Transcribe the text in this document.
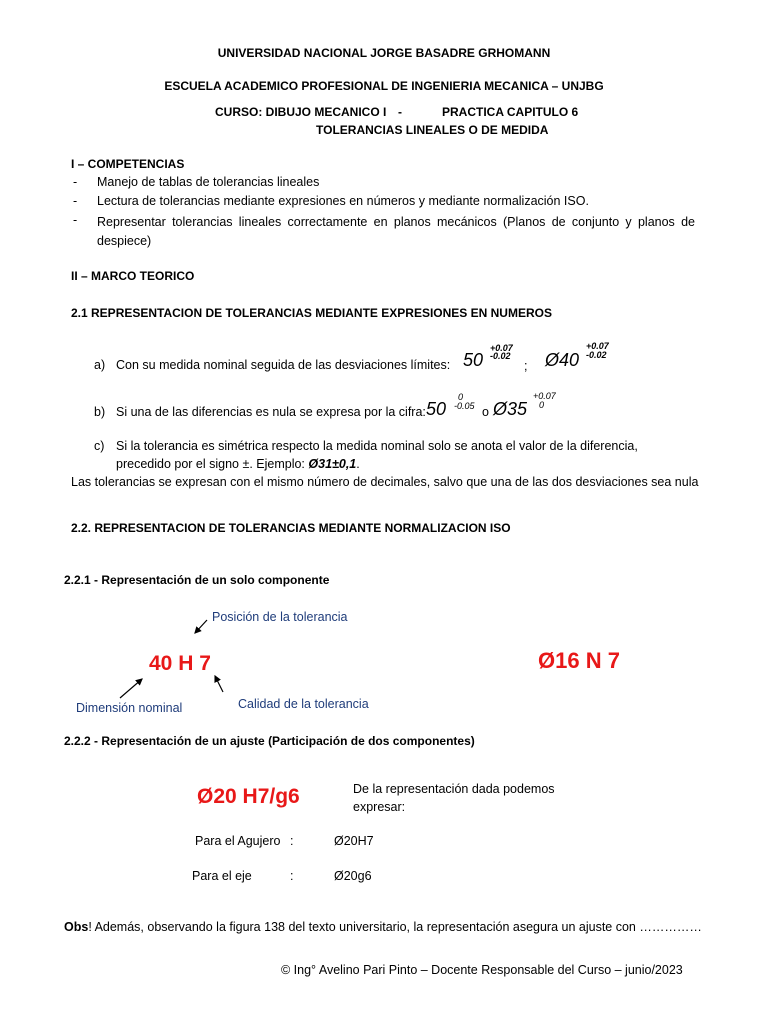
UNIVERSIDAD NACIONAL JORGE BASADRE GRHOMANN
ESCUELA ACADEMICO PROFESIONAL DE INGENIERIA MECANICA – UNJBG
CURSO: DIBUJO MECANICO I -	PRACTICA CAPITULO 6
TOLERANCIAS LINEALES O DE MEDIDA
I – COMPETENCIAS
- Manejo de tablas de tolerancias lineales
- Lectura de tolerancias mediante expresiones en números y mediante normalización ISO.
- Representar tolerancias lineales correctamente en planos mecánicos (Planos de conjunto y planos de despiece)
II – MARCO TEORICO
2.1 REPRESENTACION DE TOLERANCIAS MEDIANTE EXPRESIONES EN NUMEROS
a) Con su medida nominal seguida de las desviaciones límites: 50
+0.07
-0.02
; Ø40
+0.07
-0.02
b) Si una de las diferencias es nula se expresa por la cifra: 50
0
-0.05 o Ø35
+0.07
0
c) Si la tolerancia es simétrica respecto la medida nominal solo se anota el valor de la diferencia,
precedido por el signo ±. Ejemplo: Ø31±0,1.
Las tolerancias se expresan con el mismo número de decimales, salvo que una de las dos desviaciones sea nula
2.2. REPRESENTACION DE TOLERANCIAS MEDIANTE NORMALIZACION ISO
2.2.1 - Representación de un solo componente
Posición de la tolerancia
40 H 7
Dimensión nominal	Calidad de la tolerancia
Ø16 N 7
2.2.2 - Representación de un ajuste (Participación de dos componentes)
Ø20 H7/g6	De la representación dada podemos
expresar:
Para el Agujero :	Ø20H7
Para el eje	:	Ø20g6
Obs! Además, observando la figura 138 del texto universitario, la representación asegura un ajuste con ……………
© Ing° Avelino Pari Pinto – Docente Responsable del Curso – junio/2023
